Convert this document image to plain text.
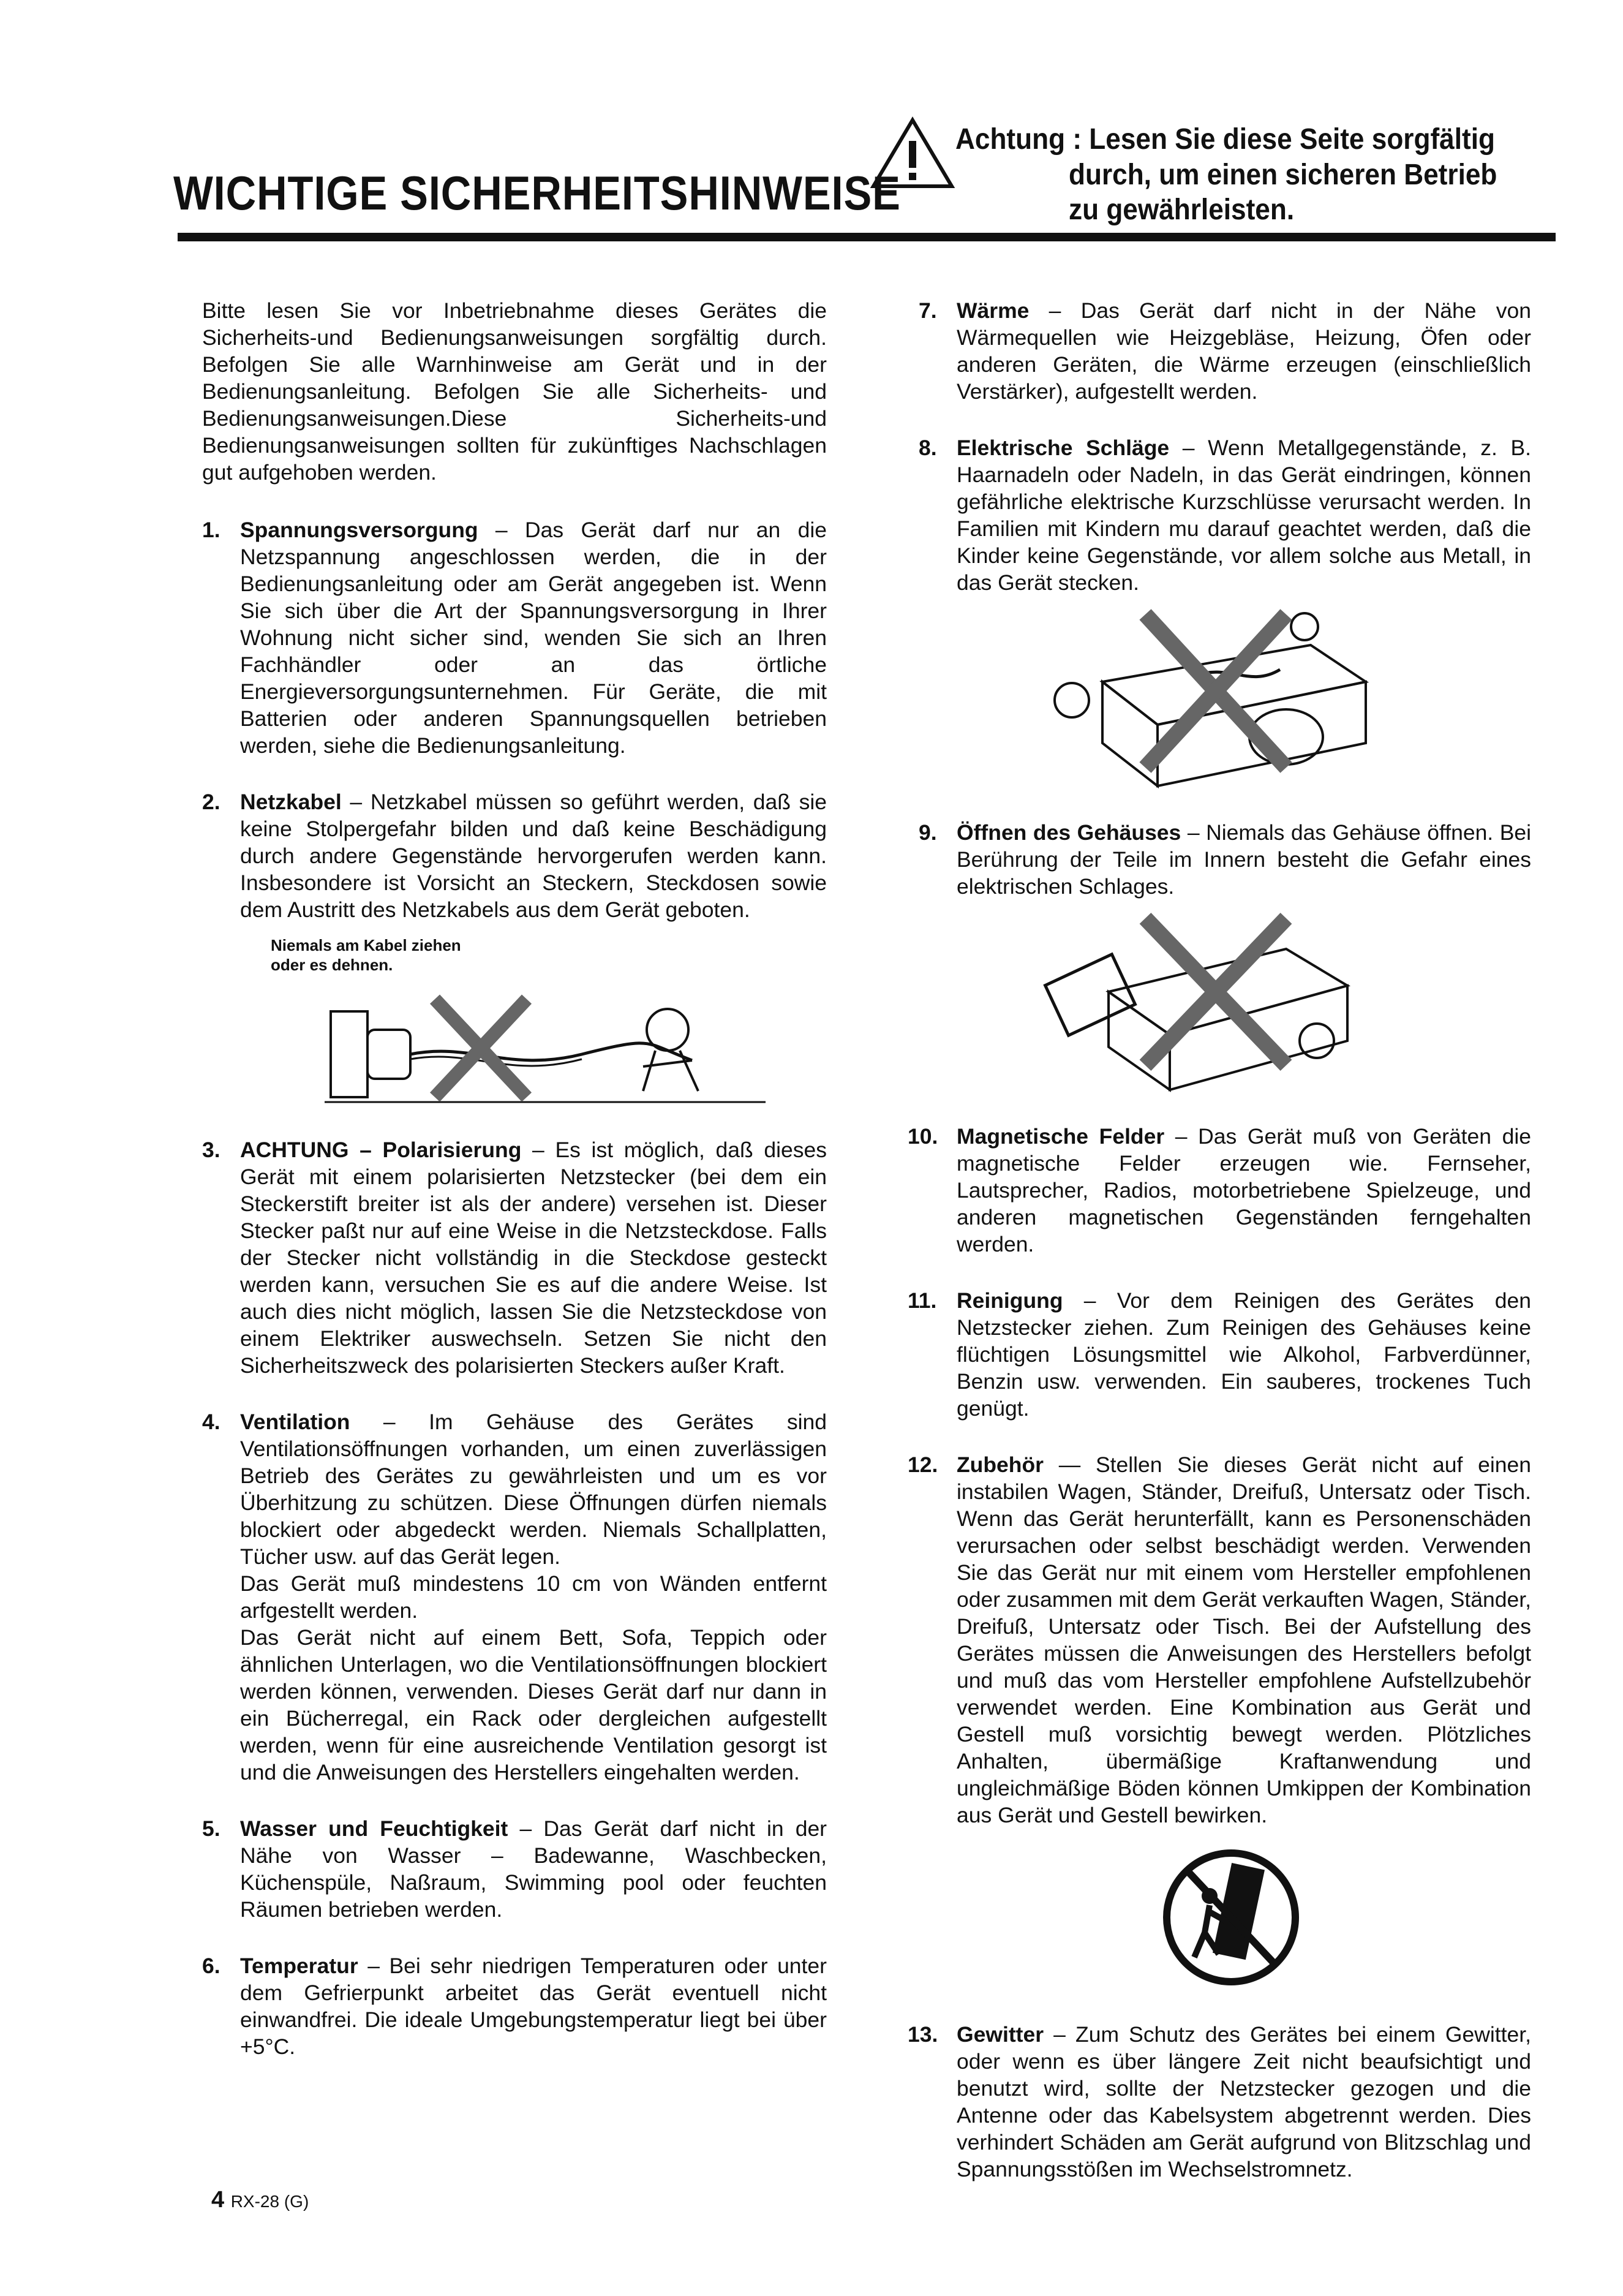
WICHTIGE SICHERHEITSHINWEISE
Achtung : Lesen Sie diese Seite sorgfältig
durch, um einen sicheren Betrieb
zu gewährleisten.

Bitte lesen Sie vor Inbetriebnahme dieses Gerätes die Sicherheits-und Bedienungsanweisungen sorgfältig durch. Befolgen Sie alle Warnhinweise am Gerät und in der Bedienungsanleitung. Befolgen Sie alle Sicherheits- und Bedienungsanweisungen.Diese Sicherheits-und Bedienungsanweisungen sollten für zukünftiges Nachschlagen gut aufgehoben werden.

1. Spannungsversorgung – Das Gerät darf nur an die Netzspannung angeschlossen werden, die in der Bedienungsanleitung oder am Gerät angegeben ist. Wenn Sie sich über die Art der Spannungsversorgung in Ihrer Wohnung nicht sicher sind, wenden Sie sich an Ihren Fachhändler oder an das örtliche Energieversorgungsunternehmen. Für Geräte, die mit Batterien oder anderen Spannungsquellen betrieben werden, siehe die Bedienungsanleitung.

2. Netzkabel – Netzkabel müssen so geführt werden, daß sie keine Stolpergefahr bilden und daß keine Beschädigung durch andere Gegenstände hervorgerufen werden kann. Insbesondere ist Vorsicht an Steckern, Steckdosen sowie dem Austritt des Netzkabels aus dem Gerät geboten.

Niemals am Kabel ziehen
oder es dehnen.
3. ACHTUNG – Polarisierung – Es ist möglich, daß dieses Gerät mit einem polarisierten Netzstecker (bei dem ein Steckerstift breiter ist als der andere) versehen ist. Dieser Stecker paßt nur auf eine Weise in die Netzsteckdose. Falls der Stecker nicht vollständig in die Steckdose gesteckt werden kann, versuchen Sie es auf die andere Weise. Ist auch dies nicht möglich, lassen Sie die Netzsteckdose von einem Elektriker auswechseln. Setzen Sie nicht den Sicherheitszweck des polarisierten Steckers außer Kraft.

4. Ventilation – Im Gehäuse des Gerätes sind Ventilationsöffnungen vorhanden, um einen zuverlässigen Betrieb des Gerätes zu gewährleisten und um es vor Überhitzung zu schützen. Diese Öffnungen dürfen niemals blockiert oder abgedeckt werden. Niemals Schallplatten, Tücher usw. auf das Gerät legen.

Das Gerät muß mindestens 10 cm von Wänden entfernt arfgestellt werden.

Das Gerät nicht auf einem Bett, Sofa, Teppich oder ähnlichen Unterlagen, wo die Ventilationsöffnungen blockiert werden können, verwenden. Dieses Gerät darf nur dann in ein Bücherregal, ein Rack oder dergleichen aufgestellt werden, wenn für eine ausreichende Ventilation gesorgt ist und die Anweisungen des Herstellers eingehalten werden.

5. Wasser und Feuchtigkeit – Das Gerät darf nicht in der Nähe von Wasser – Badewanne, Waschbecken, Küchenspüle, Naßraum, Swimming pool oder feuchten Räumen betrieben werden.

6. Temperatur – Bei sehr niedrigen Temperaturen oder unter dem Gefrierpunkt arbeitet das Gerät eventuell nicht einwandfrei. Die ideale Umgebungstemperatur liegt bei über +5°C.

7. Wärme – Das Gerät darf nicht in der Nähe von Wärmequellen wie Heizgebläse, Heizung, Öfen oder anderen Geräten, die Wärme erzeugen (einschließlich Verstärker), aufgestellt werden.

8. Elektrische Schläge – Wenn Metallgegenstände, z. B. Haarnadeln oder Nadeln, in das Gerät eindringen, können gefährliche elektrische Kurzschlüsse verursacht werden. In Familien mit Kindern mu darauf geachtet werden, daß die Kinder keine Gegenstände, vor allem solche aus Metall, in das Gerät stecken.

9. Öffnen des Gehäuses – Niemals das Gehäuse öffnen. Bei Berührung der Teile im Innern besteht die Gefahr eines elektrischen Schlages.

10. Magnetische Felder – Das Gerät muß von Geräten die magnetische Felder erzeugen wie. Fernseher, Lautsprecher, Radios, motorbetriebene Spielzeuge, und anderen magnetischen Gegenständen ferngehalten werden.

11. Reinigung – Vor dem Reinigen des Gerätes den Netzstecker ziehen. Zum Reinigen des Gehäuses keine flüchtigen Lösungsmittel wie Alkohol, Farbverdünner, Benzin usw. verwenden. Ein sauberes, trockenes Tuch genügt.

12. Zubehör — Stellen Sie dieses Gerät nicht auf einen instabilen Wagen, Ständer, Dreifuß, Untersatz oder Tisch. Wenn das Gerät herunterfällt, kann es Personenschäden verursachen oder selbst beschädigt werden. Verwenden Sie das Gerät nur mit einem vom Hersteller empfohlenen oder zusammen mit dem Gerät verkauften Wagen, Ständer, Dreifuß, Untersatz oder Tisch. Bei der Aufstellung des Gerätes müssen die Anweisungen des Herstellers befolgt und muß das vom Hersteller empfohlene Aufstellzubehör verwendet werden. Eine Kombination aus Gerät und Gestell muß vorsichtig bewegt werden. Plötzliches Anhalten, übermäßige Kraftanwendung und ungleichmäßige Böden können Umkippen der Kombination aus Gerät und Gestell bewirken.

13. Gewitter – Zum Schutz des Gerätes bei einem Gewitter, oder wenn es über längere Zeit nicht beaufsichtigt und benutzt wird, sollte der Netzstecker gezogen und die Antenne oder das Kabelsystem abgetrennt werden. Dies verhindert Schäden am Gerät aufgrund von Blitzschlag und Spannungsstößen im Wechselstromnetz.

4 RX-28 (G)
